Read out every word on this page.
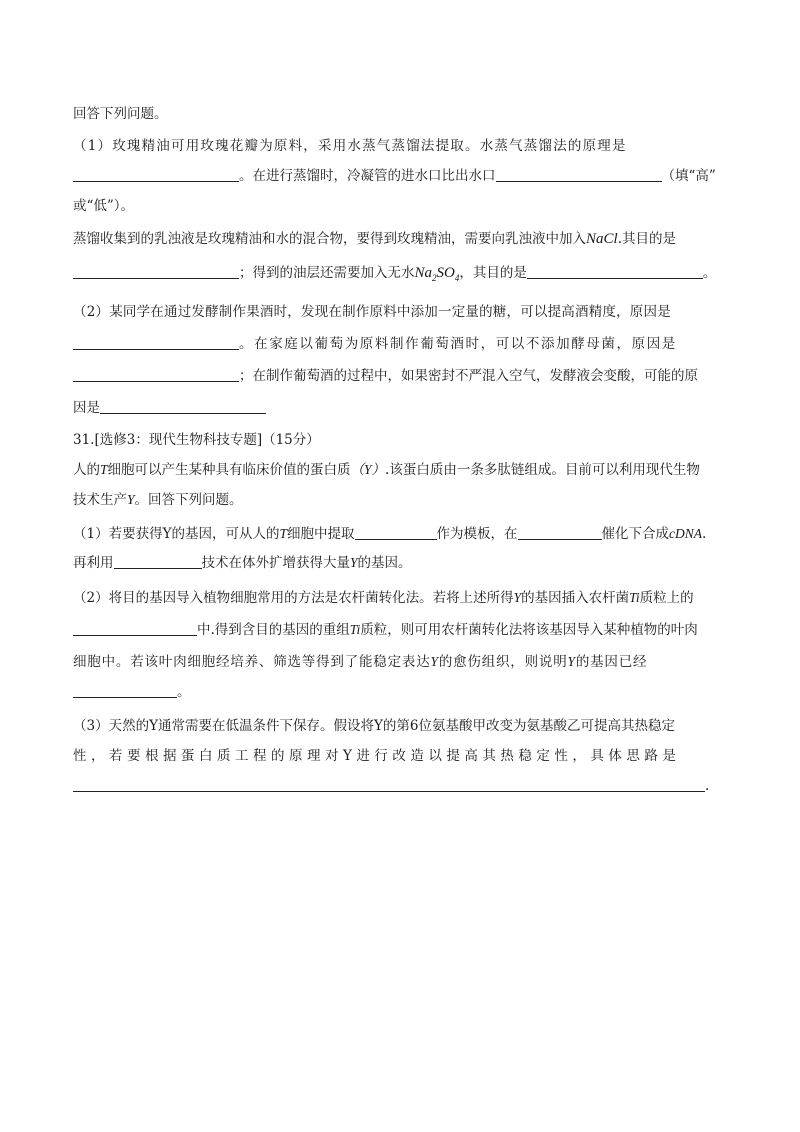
回答下列问题。
（1）玫瑰精油可用玫瑰花瓣为原料，采用水蒸气蒸馏法提取。水蒸气蒸馏法的原理是
。在进行蒸馏时，冷凝管的进水口比出水口	（填“高”
或“低”）。
蒸馏收集到的乳浊液是玫瑰精油和水的混合物，要得到玫瑰精油，需要向乳浊液中加入NaCl.其目的是
；得到的油层还需要加入无水$Na_2SO_4$，其目的是	。
（2）某同学在通过发酵制作果酒时，发现在制作原料中添加一定量的糖，可以提高酒精度，原因是
。在家庭以葡萄为原料制作葡萄酒时，可以不添加酵母菌，原因是
；在制作葡萄酒的过程中，如果密封不严混入空气，发酵液会变酸，可能的原
因是
31.[选修3：现代生物科技专题]（15分）
人的T细胞可以产生某种具有临床价值的蛋白质（Y）.该蛋白质由一条多肽链组成。目前可以利用现代生物
技术生产Y。回答下列问题。
（1）若要获得Y的基因，可从人的T细胞中提取	作为模板，在	催化下合成cDNA.
再利用	技术在体外扩增获得大量Y的基因。
（2）将目的基因导入植物细胞常用的方法是农杆菌转化法。若将上述所得Y的基因插入农杆菌Ti质粒上的
中.得到含目的基因的重组Ti质粒，则可用农杆菌转化法将该基因导入某种植物的叶肉
细胞中。若该叶肉细胞经培养、筛选等得到了能稳定表达Y的愈伤组织，则说明Y的基因已经
。
（3）天然的Y通常需要在低温条件下保存。假设将Y的第6位氨基酸甲改变为氨基酸乙可提高其热稳定
性，若要根据蛋白质工程的原理对Y进行改造以提高其热稳定性，具体思路是
.
